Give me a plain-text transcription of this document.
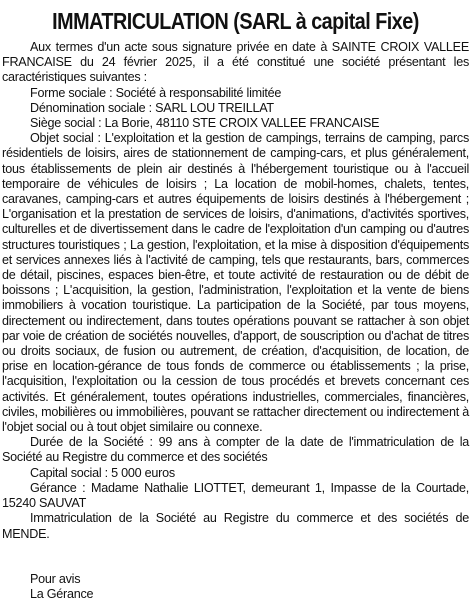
IMMATRICULATION (SARL à capital Fixe)

Aux termes d'un acte sous signature privée en date à SAINTE CROIX VALLEE FRANCAISE du 24 février 2025, il a été constitué une société présentant les caractéristiques suivantes :

Forme sociale : Société à responsabilité limitée

Dénomination sociale : SARL LOU TREILLAT

Siège social : La Borie, 48110 STE CROIX VALLEE FRANCAISE

Objet social : L'exploitation et la gestion de campings, terrains de camping, parcs résidentiels de loisirs, aires de stationnement de camping-cars, et plus généralement, tous établissements de plein air destinés à l'hébergement touristique ou à l'accueil temporaire de véhicules de loisirs ; La location de mobil-homes, chalets, tentes, caravanes, camping-cars et autres équipements de loisirs destinés à l'hébergement ; L'organisation et la prestation de services de loisirs, d'animations, d'activités sportives, culturelles et de divertissement dans le cadre de l'exploitation d'un camping ou d'autres structures touristiques ; La gestion, l'exploitation, et la mise à disposition d'équipements et services annexes liés à l'activité de camping, tels que restaurants, bars, commerces de détail, piscines, espaces bien-être, et toute activité de restauration ou de débit de boissons ; L'acquisition, la gestion, l'administration, l'exploitation et la vente de biens immobiliers à vocation touristique. La participation de la Société, par tous moyens, directement ou indirectement, dans toutes opérations pouvant se rattacher à son objet par voie de création de sociétés nouvelles, d'apport, de souscription ou d'achat de titres ou droits sociaux, de fusion ou autrement, de création, d'acquisition, de location, de prise en location-gérance de tous fonds de commerce ou établissements ; la prise, l'acquisition, l'exploitation ou la cession de tous procédés et brevets concernant ces activités. Et généralement, toutes opérations industrielles, commerciales, financières, civiles, mobilières ou immobilières, pouvant se rattacher directement ou indirectement à l'objet social ou à tout objet similaire ou connexe.

Durée de la Société : 99 ans à compter de la date de l'immatriculation de la Société au Registre du commerce et des sociétés

Capital social : 5 000 euros

Gérance : Madame Nathalie LIOTTET, demeurant 1, Impasse de la Courtade, 15240 SAUVAT

Immatriculation de la Société au Registre du commerce et des sociétés de MENDE.

Pour avis

La Gérance
